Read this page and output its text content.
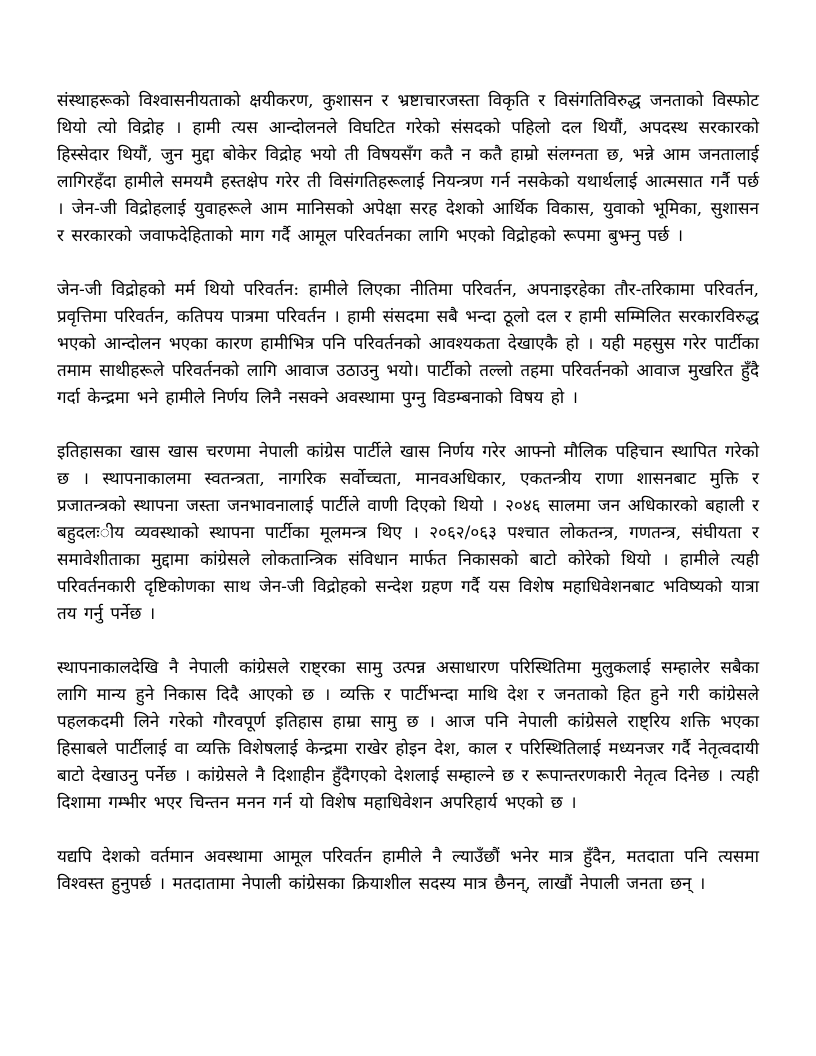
संस्थाहरूको विश्वासनीयताको क्षयीकरण, कुशासन र भ्रष्टाचारजस्ता विकृति र विसंगतिविरुद्ध जनताको विस्फोट थियो त्यो विद्रोह । हामी त्यस आन्दोलनले विघटित गरेको संसदको पहिलो दल थियौं, अपदस्थ सरकारको हिस्सेदार थियौं, जुन मुद्दा बोकेर विद्रोह भयो ती विषयसँग कतै न कतै हाम्रो संलग्नता छ, भन्ने आम जनतालाई लागिरहँदा हामीले समयमै हस्तक्षेप गरेर ती विसंगतिहरूलाई नियन्त्रण गर्न नसकेको यथार्थलाई आत्मसात गर्नै पर्छ । जेन-जी विद्रोहलाई युवाहरूले आम मानिसको अपेक्षा सरह देशको आर्थिक विकास, युवाको भूमिका, सुशासन र सरकारको जवाफदेहिताको माग गर्दै आमूल परिवर्तनका लागि भएको विद्रोहको रूपमा बुझ्नु पर्छ ।

जेन-जी विद्रोहको मर्म थियो परिवर्तन: हामीले लिएका नीतिमा परिवर्तन, अपनाइरहेका तौर-तरिकामा परिवर्तन, प्रवृत्तिमा परिवर्तन, कतिपय पात्रमा परिवर्तन । हामी संसदमा सबै भन्दा ठूलो दल र हामी सम्मिलित सरकारविरुद्ध भएको आन्दोलन भएका कारण हामीभित्र पनि परिवर्तनको आवश्यकता देखाएकै हो । यही महसुस गरेर पार्टीका तमाम साथीहरूले परिवर्तनको लागि आवाज उठाउनु भयो। पार्टीको तल्लो तहमा परिवर्तनको आवाज मुखरित हुँदै गर्दा केन्द्रमा भने हामीले निर्णय लिनै नसक्ने अवस्थामा पुग्नु विडम्बनाको विषय हो ।

इतिहासका खास खास चरणमा नेपाली कांग्रेस पार्टीले खास निर्णय गरेर आफ्नो मौलिक पहिचान स्थापित गरेको छ । स्थापनाकालमा स्वतन्त्रता, नागरिक सर्वोच्चता, मानवअधिकार, एकतन्त्रीय राणा शासनबाट मुक्ति र प्रजातन्त्रको स्थापना जस्ता जनभावनालाई पार्टीले वाणी दिएको थियो । २०४६ सालमा जन अधिकारको बहाली र बहुदलःीय व्यवस्थाको स्थापना पार्टीका मूलमन्त्र थिए । २०६२/०६३ पश्चात लोकतन्त्र, गणतन्त्र, संघीयता र समावेशीताका मुद्दामा कांग्रेसले लोकतान्त्रिक संविधान मार्फत निकासको बाटो कोरेको थियो । हामीले त्यही परिवर्तनकारी दृष्टिकोणका साथ जेन-जी विद्रोहको सन्देश ग्रहण गर्दै यस विशेष महाधिवेशनबाट भविष्यको यात्रा तय गर्नु पर्नेछ ।

स्थापनाकालदेखि नै नेपाली कांग्रेसले राष्ट्रका सामु उत्पन्न असाधारण परिस्थितिमा मुलुकलाई सम्हालेर सबैका लागि मान्य हुने निकास दिदै आएको छ । व्यक्ति र पार्टीभन्दा माथि देश र जनताको हित हुने गरी कांग्रेसले पहलकदमी लिने गरेको गौरवपूर्ण इतिहास हाम्रा सामु छ । आज पनि नेपाली कांग्रेसले राष्ट्रिय शक्ति भएका हिसाबले पार्टीलाई वा व्यक्ति विशेषलाई केन्द्रमा राखेर होइन देश, काल र परिस्थितिलाई मध्यनजर गर्दै नेतृत्वदायी बाटो देखाउनु पर्नेछ । कांग्रेसले नै दिशाहीन हुँदैगएको देशलाई सम्हाल्ने छ र रूपान्तरणकारी नेतृत्व दिनेछ । त्यही दिशामा गम्भीर भएर चिन्तन मनन गर्न यो विशेष महाधिवेशन अपरिहार्य भएको छ ।

यद्यपि देशको वर्तमान अवस्थामा आमूल परिवर्तन हामीले नै ल्याउँछौं भनेर मात्र हुँदैन, मतदाता पनि त्यसमा विश्वस्त हुनुपर्छ । मतदातामा नेपाली कांग्रेसका क्रियाशील सदस्य मात्र छैनन्, लाखौं नेपाली जनता छन् ।
